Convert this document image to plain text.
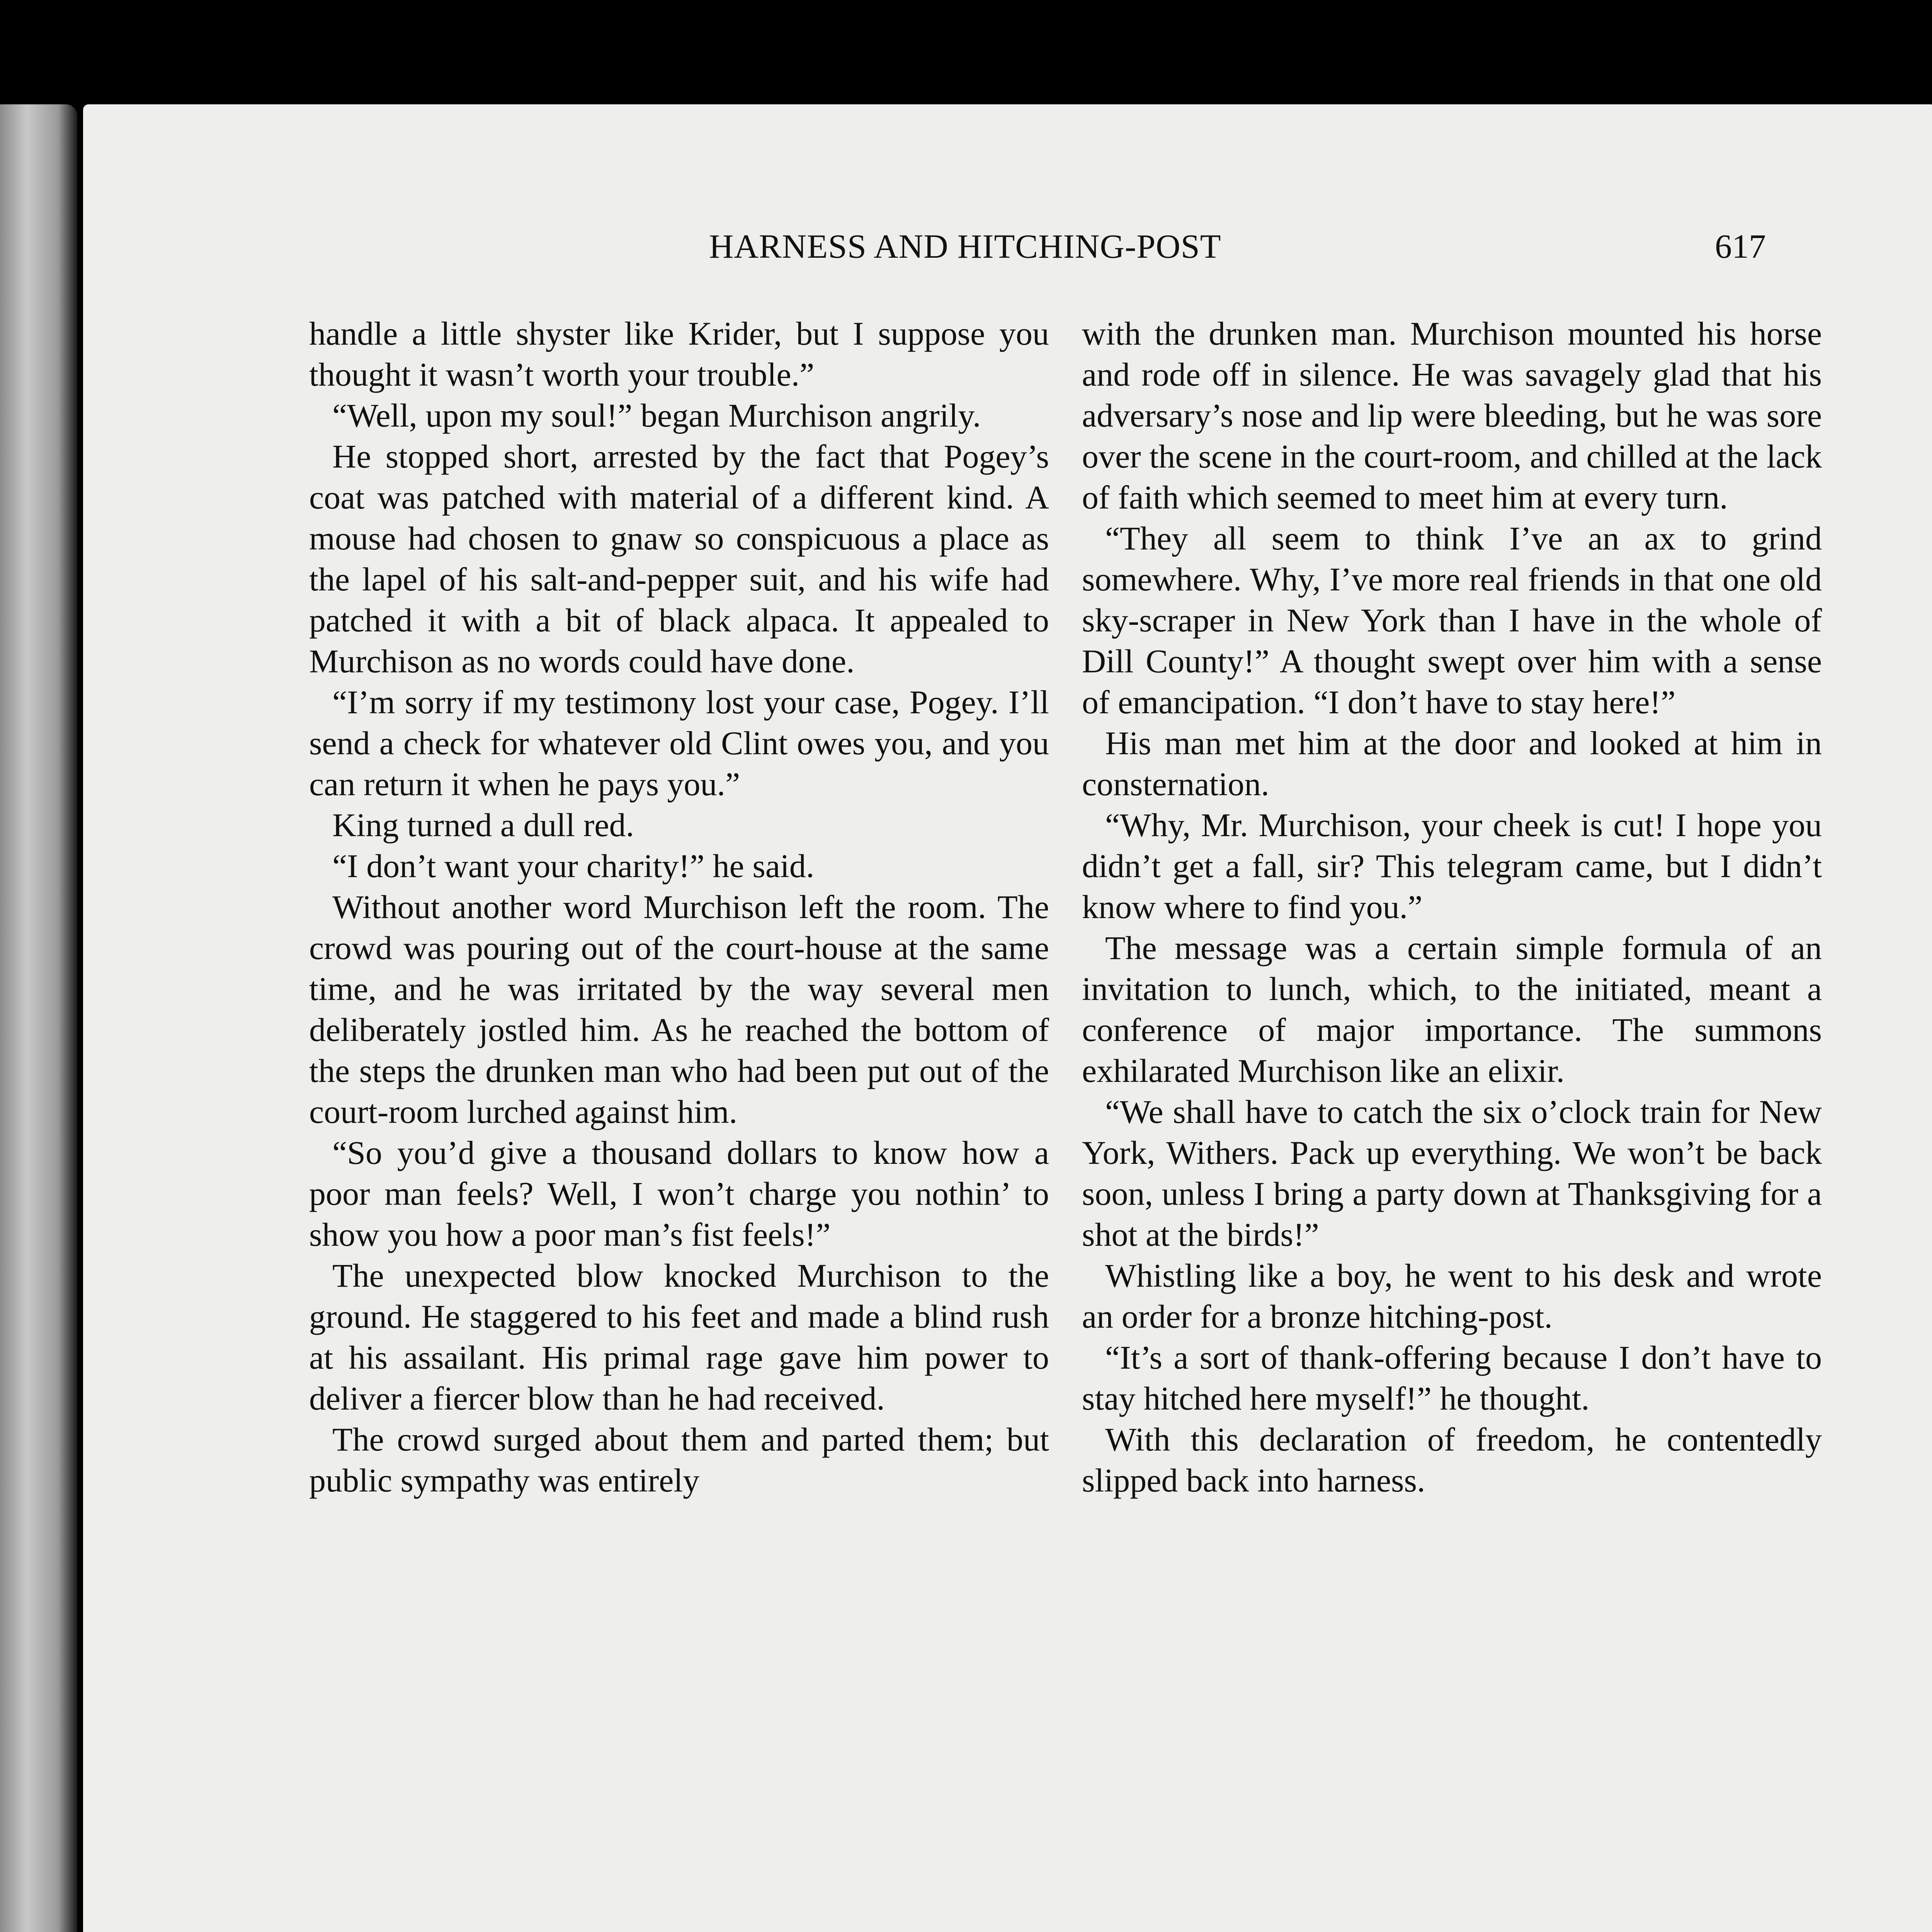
HARNESS AND HITCHING-POST	617

handle a little shyster like Krider, but I suppose you thought it wasn’t worth your trouble.”

“Well, upon my soul!” began Murchison angrily.

He stopped short, arrested by the fact that Pogey’s coat was patched with material of a different kind. A mouse had chosen to gnaw so conspicuous a place as the lapel of his salt-and-pepper suit, and his wife had patched it with a bit of black alpaca. It appealed to Murchison as no words could have done.

“I’m sorry if my testimony lost your case, Pogey. I’ll send a check for whatever old Clint owes you, and you can return it when he pays you.”

King turned a dull red.

“I don’t want your charity!” he said.

Without another word Murchison left the room. The crowd was pouring out of the court-house at the same time, and he was irritated by the way several men deliberately jostled him. As he reached the bottom of the steps the drunken man who had been put out of the court-room lurched against him.

“So you’d give a thousand dollars to know how a poor man feels? Well, I won’t charge you nothin’ to show you how a poor man’s fist feels!”

The unexpected blow knocked Murchison to the ground. He staggered to his feet and made a blind rush at his assailant. His primal rage gave him power to deliver a fiercer blow than he had received.

The crowd surged about them and parted them; but public sympathy was entirely

with the drunken man. Murchison mounted his horse and rode off in silence. He was savagely glad that his adversary’s nose and lip were bleeding, but he was sore over the scene in the court-room, and chilled at the lack of faith which seemed to meet him at every turn.

“They all seem to think I’ve an ax to grind somewhere. Why, I’ve more real friends in that one old sky-scraper in New York than I have in the whole of Dill County!” A thought swept over him with a sense of emancipation. “I don’t have to stay here!”

His man met him at the door and looked at him in consternation.

“Why, Mr. Murchison, your cheek is cut! I hope you didn’t get a fall, sir? This telegram came, but I didn’t know where to find you.”

The message was a certain simple formula of an invitation to lunch, which, to the initiated, meant a conference of major importance. The summons exhilarated Murchison like an elixir.

“We shall have to catch the six o’clock train for New York, Withers. Pack up everything. We won’t be back soon, unless I bring a party down at Thanksgiving for a shot at the birds!”

Whistling like a boy, he went to his desk and wrote an order for a bronze hitching-post.

“It’s a sort of thank-offering because I don’t have to stay hitched here myself!” he thought.

With this declaration of freedom, he contentedly slipped back into harness.
